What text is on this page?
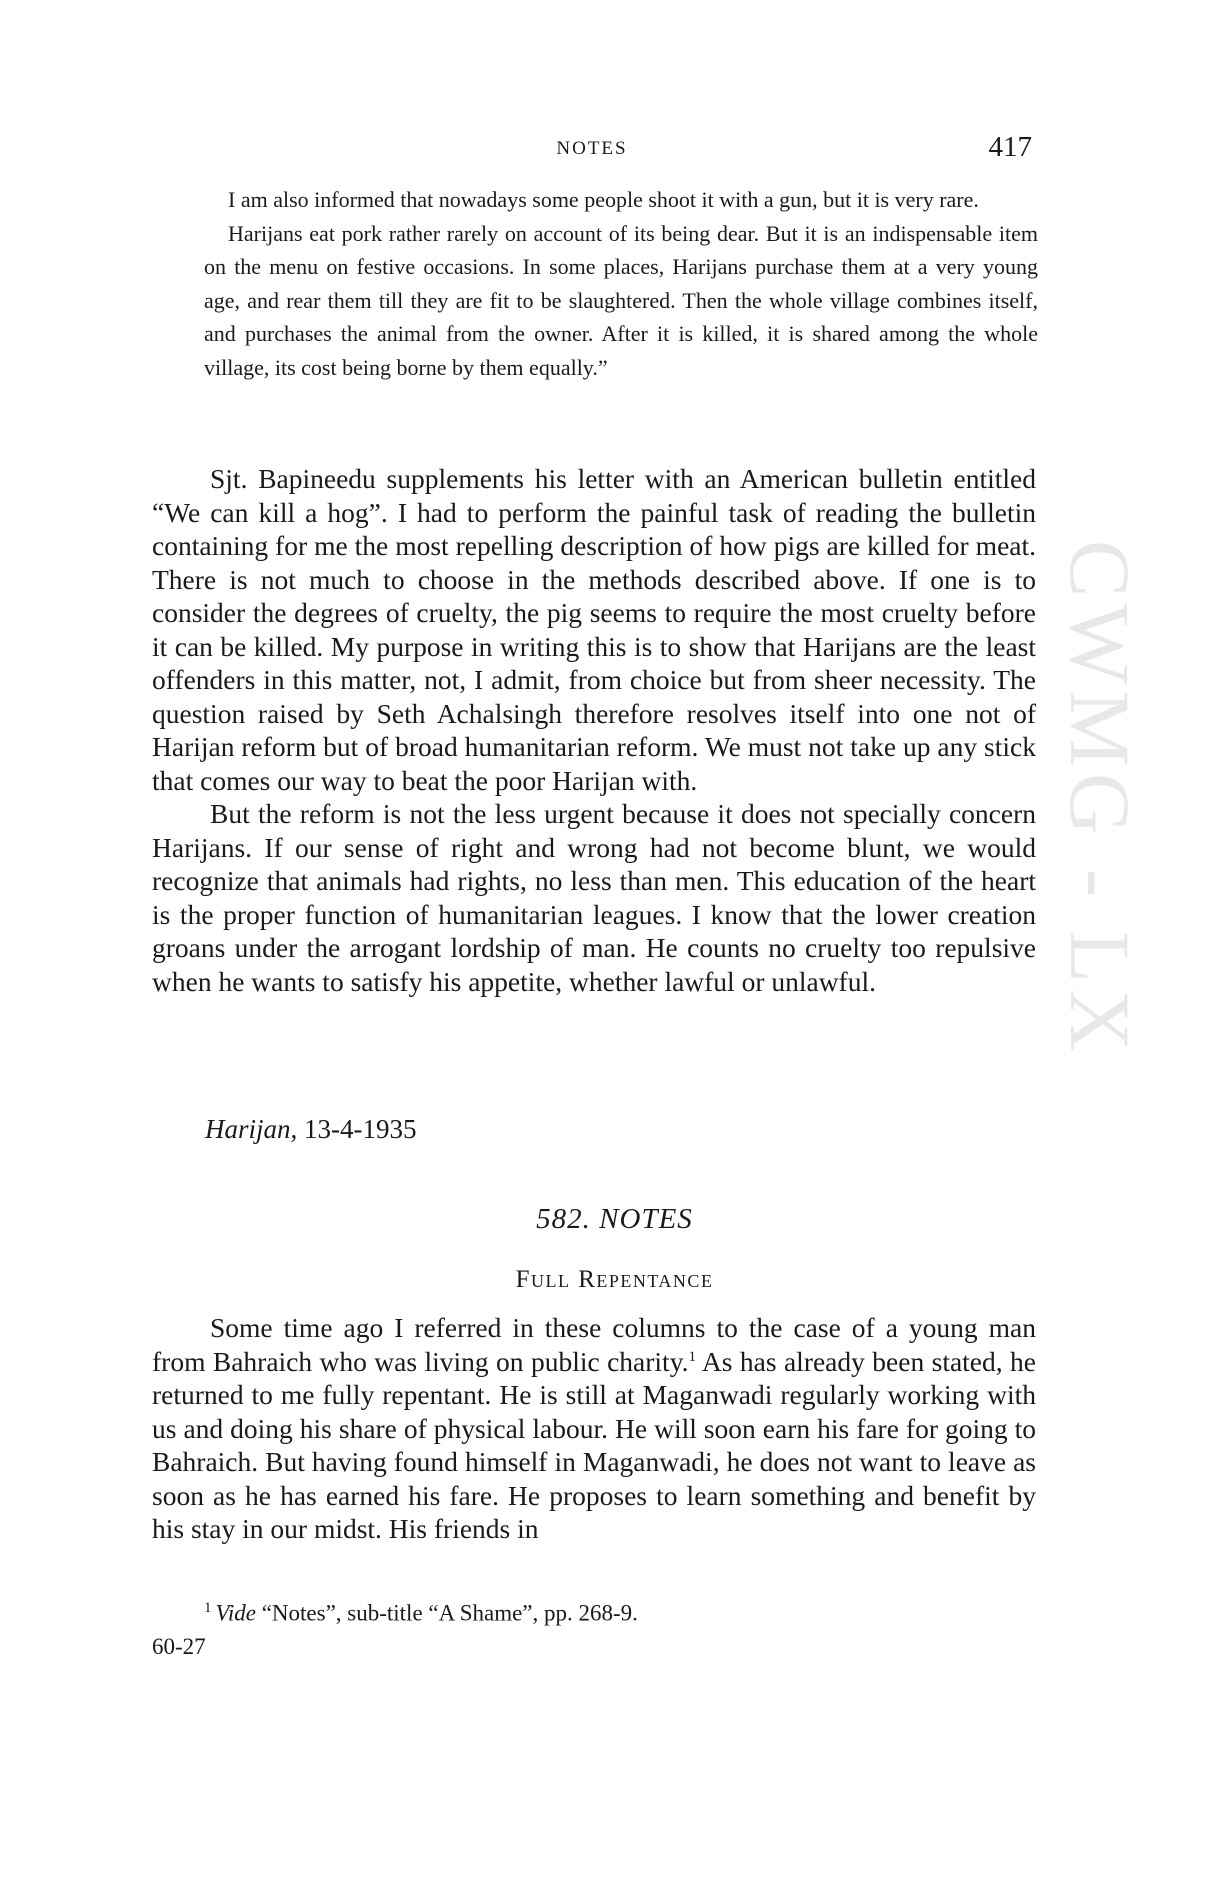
CWMG - LX
NOTES	417

I am also informed that nowadays some people shoot it with a gun, but it is very rare.

Harijans eat pork rather rarely on account of its being dear. But it is an indispensable item on the menu on festive occasions. In some places, Harijans purchase them at a very young age, and rear them till they are fit to be slaughtered. Then the whole village combines itself, and purchases the animal from the owner. After it is killed, it is shared among the whole village, its cost being borne by them equally.”

Sjt. Bapineedu supplements his letter with an American bulletin entitled “We can kill a hog”. I had to perform the painful task of reading the bulletin containing for me the most repelling description of how pigs are killed for meat. There is not much to choose in the methods described above. If one is to consider the degrees of cruelty, the pig seems to require the most cruelty before it can be killed. My purpose in writing this is to show that Harijans are the least offenders in this matter, not, I admit, from choice but from sheer necessity. The question raised by Seth Achalsingh therefore resolves itself into one not of Harijan reform but of broad humanitarian reform. We must not take up any stick that comes our way to beat the poor Harijan with.

But the reform is not the less urgent because it does not specially concern Harijans. If our sense of right and wrong had not become blunt, we would recognize that animals had rights, no less than men. This education of the heart is the proper function of humanitarian leagues. I know that the lower creation groans under the arrogant lordship of man. He counts no cruelty too repulsive when he wants to satisfy his appetite, whether lawful or unlawful.

Harijan, 13-4-1935
582. NOTES
Full Repentance

Some time ago I referred in these columns to the case of a young man from Bahraich who was living on public charity.$^1$ As has already been stated, he returned to me fully repentant. He is still at Maganwadi regularly working with us and doing his share of physical labour. He will soon earn his fare for going to Bahraich. But having found himself in Maganwadi, he does not want to leave as soon as he has earned his fare. He proposes to learn something and benefit by his stay in our midst. His friends in

$^1$ Vide “Notes”, sub-title “A Shame”, pp. 268-9.
60-27
